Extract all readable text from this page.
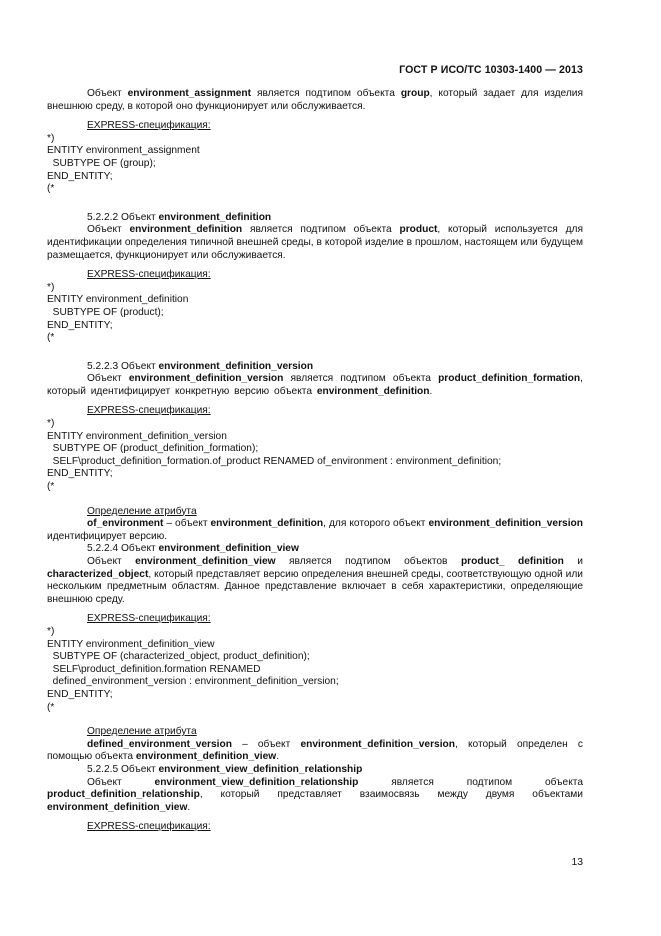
ГОСТ Р ИСО/ТС 10303-1400 — 2013

Объект environment_assignment является подтипом объекта group, который задает для изделия внешнюю среду, в которой оно функционирует или обслуживается.

EXPRESS-спецификация:

*)
ENTITY environment_assignment
SUBTYPE OF (group);
END_ENTITY;
(*

5.2.2.2 Объект environment_definition

Объект environment_definition является подтипом объекта product, который используется для идентификации определения типичной внешней среды, в которой изделие в прошлом, настоящем или будущем размещается, функционирует или обслуживается.

EXPRESS-спецификация:

*)
ENTITY environment_definition
SUBTYPE OF (product);
END_ENTITY;
(*

5.2.2.3 Объект environment_definition_version

Объект environment_definition_version является подтипом объекта product_definition_formation, который идентифицирует конкретную версию объекта environment_definition.

EXPRESS-спецификация:

*)
ENTITY environment_definition_version
SUBTYPE OF (product_definition_formation);
SELF\product_definition_formation.of_product RENAMED of_environment : environment_definition;
END_ENTITY;
(*

Определение атрибута

of_environment – объект environment_definition, для которого объект environment_definition_version идентифицирует версию.

5.2.2.4 Объект environment_definition_view

Объект environment_definition_view является подтипом объектов product_ definition и characterized_object, который представляет версию определения внешней среды, соответствующую одной или нескольким предметным областям. Данное представление включает в себя характеристики, определяющие внешнюю среду.

EXPRESS-спецификация:

*)
ENTITY environment_definition_view
SUBTYPE OF (characterized_object, product_definition);
SELF\product_definition.formation RENAMED
defined_environment_version : environment_definition_version;
END_ENTITY;
(*

Определение атрибута

defined_environment_version – объект environment_definition_version, который определен с помощью объекта environment_definition_view.

5.2.2.5 Объект environment_view_definition_relationship

Объект environment_view_definition_relationship является подтипом объекта product_definition_relationship, который представляет взаимосвязь между двумя объектами environment_definition_view.

EXPRESS-спецификация:

13
